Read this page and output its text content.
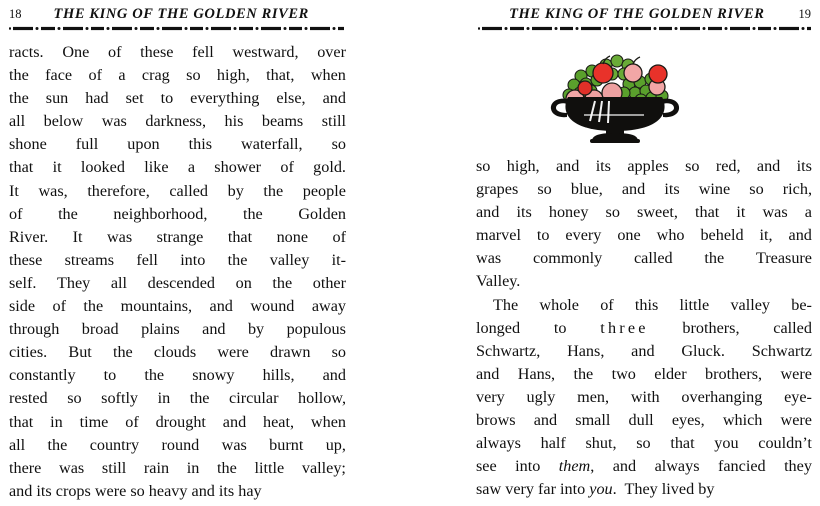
18 THE KING OF THE GOLDEN RIVER

racts. One of these fell westward, over
the face of a crag so high, that, when
the sun had set to everything else, and
all below was darkness, his beams still
shone full upon this waterfall, so
that it looked like a shower of gold.
It was, therefore, called by the people
of the neighborhood, the Golden
River. It was strange that none of
these streams fell into the valley it-
self. They all descended on the other
side of the mountains, and wound away
through broad plains and by populous
cities. But the clouds were drawn so
constantly to the snowy hills, and
rested so softly in the circular hollow,
that in time of drought and heat, when
all the country round was burnt up,
there was still rain in the little valley;
and its crops were so heavy and its hay

THE KING OF THE GOLDEN RIVER	19

so high, and its apples so red, and its
grapes so blue, and its wine so rich,
and its honey so sweet, that it was a
marvel to every one who beheld it, and
was commonly called the Treasure
Valley.

The whole of this little valley be-
longed to three brothers, called
Schwartz, Hans, and Gluck. Schwartz
and Hans, the two elder brothers, were
very ugly men, with overhanging eye-
brows and small dull eyes, which were
always half shut, so that you couldn’t
see into them, and always fancied they
saw very far into you.  They lived by
